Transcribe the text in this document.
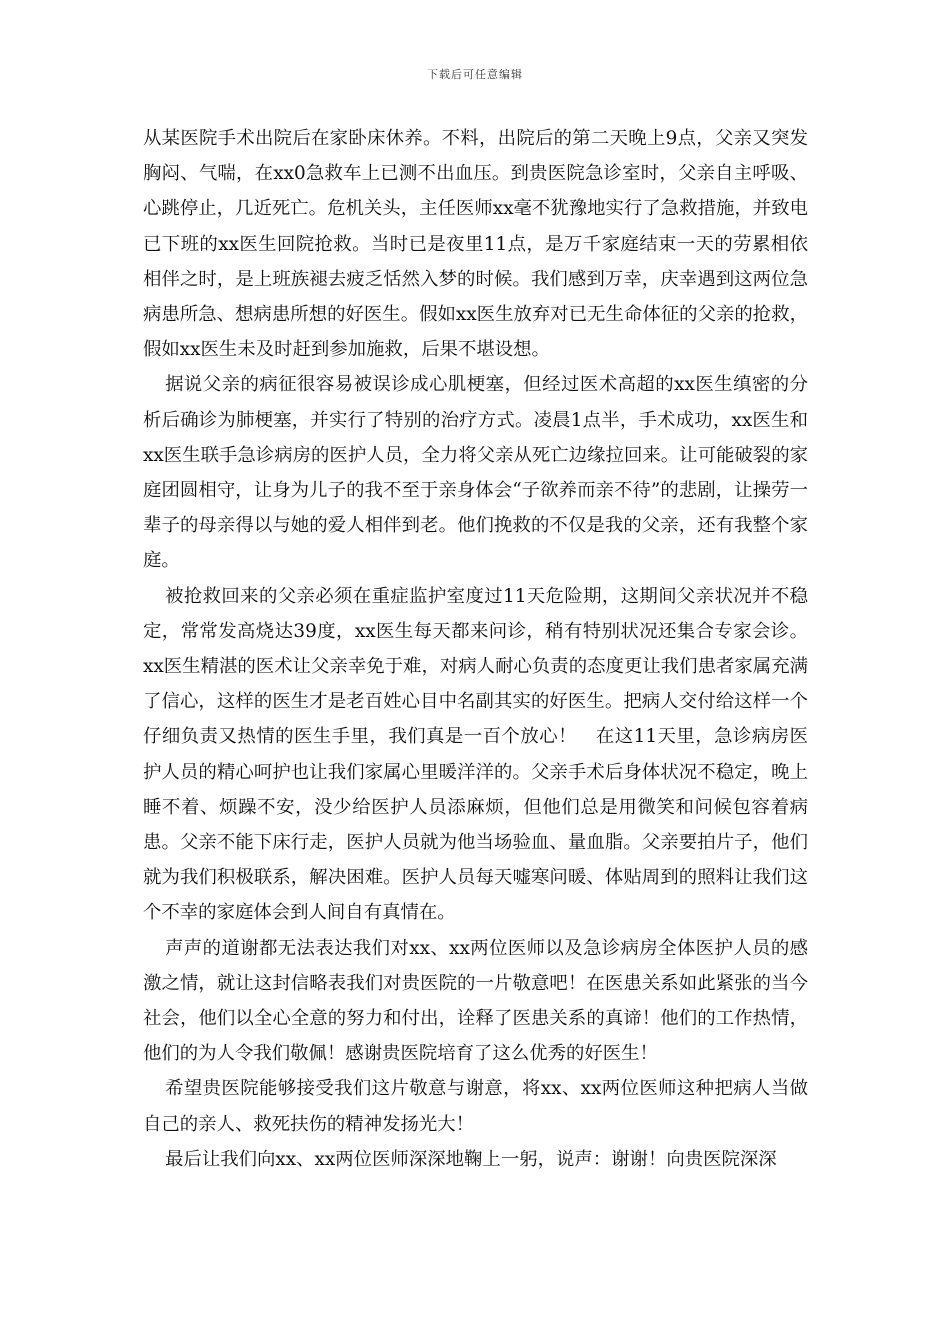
下载后可任意编辑

从某医院手术出院后在家卧床休养。不料，出院后的第二天晚上9点，父亲又突发胸闷、气喘，在xx0急救车上已测不出血压。到贵医院急诊室时，父亲自主呼吸、心跳停止，几近死亡。危机关头，主任医师xx毫不犹豫地实行了急救措施，并致电已下班的xx医生回院抢救。当时已是夜里11点，是万千家庭结束一天的劳累相依相伴之时，是上班族褪去疲乏恬然入梦的时候。我们感到万幸，庆幸遇到这两位急病患所急、想病患所想的好医生。假如xx医生放弃对已无生命体征的父亲的抢救，假如xx医生未及时赶到参加施救，后果不堪设想。

据说父亲的病征很容易被误诊成心肌梗塞，但经过医术高超的xx医生缜密的分析后确诊为肺梗塞，并实行了特别的治疗方式。凌晨1点半，手术成功，xx医生和xx医生联手急诊病房的医护人员，全力将父亲从死亡边缘拉回来。让可能破裂的家庭团圆相守，让身为儿子的我不至于亲身体会“子欲养而亲不待”的悲剧，让操劳一辈子的母亲得以与她的爱人相伴到老。他们挽救的不仅是我的父亲，还有我整个家庭。

被抢救回来的父亲必须在重症监护室度过11天危险期，这期间父亲状况并不稳定，常常发高烧达39度，xx医生每天都来问诊，稍有特别状况还集合专家会诊。xx医生精湛的医术让父亲幸免于难，对病人耐心负责的态度更让我们患者家属充满了信心，这样的医生才是老百姓心目中名副其实的好医生。把病人交付给这样一个仔细负责又热情的医生手里，我们真是一百个放心！　在这11天里，急诊病房医护人员的精心呵护也让我们家属心里暖洋洋的。父亲手术后身体状况不稳定，晚上睡不着、烦躁不安，没少给医护人员添麻烦，但他们总是用微笑和问候包容着病患。父亲不能下床行走，医护人员就为他当场验血、量血脂。父亲要拍片子，他们就为我们积极联系，解决困难。医护人员每天嘘寒问暖、体贴周到的照料让我们这个不幸的家庭体会到人间自有真情在。

声声的道谢都无法表达我们对xx、xx两位医师以及急诊病房全体医护人员的感激之情，就让这封信略表我们对贵医院的一片敬意吧！在医患关系如此紧张的当今社会，他们以全心全意的努力和付出，诠释了医患关系的真谛！他们的工作热情，他们的为人令我们敬佩！感谢贵医院培育了这么优秀的好医生！

希望贵医院能够接受我们这片敬意与谢意，将xx、xx两位医师这种把病人当做自己的亲人、救死扶伤的精神发扬光大！

最后让我们向xx、xx两位医师深深地鞠上一躬，说声：谢谢！向贵医院深深
